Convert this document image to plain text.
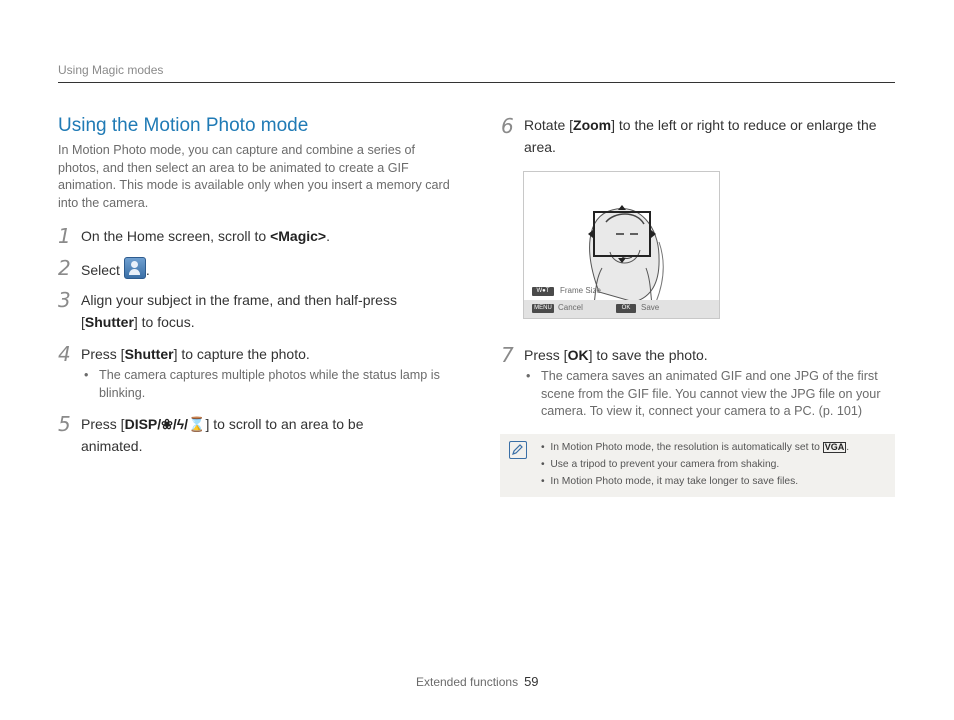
Using Magic modes
Using the Motion Photo mode
In Motion Photo mode, you can capture and combine a series of photos, and then select an area to be animated to create a GIF animation. This mode is available only when you insert a memory card into the camera.
1 On the Home screen, scroll to <Magic>.
2 Select .
3 Align your subject in the frame, and then half-press [Shutter] to focus.
4 Press [Shutter] to capture the photo.
• The camera captures multiple photos while the status lamp is blinking.
5 Press [DISP/❀/ϟ/⌛] to scroll to an area to be animated.
6 Rotate [Zoom] to the left or right to reduce or enlarge the area.
W●T	Frame Size
MENU Cancel	OK	Save
7 Press [OK] to save the photo.
• The camera saves an animated GIF and one JPG of the first scene from the GIF file. You cannot view the JPG file on your camera. To view it, connect your camera to a PC. (p. 101)
•  In Motion Photo mode, the resolution is automatically set to VGA .
•  Use a tripod to prevent your camera from shaking.
•  In Motion Photo mode, it may take longer to save files.
Extended functions 59
